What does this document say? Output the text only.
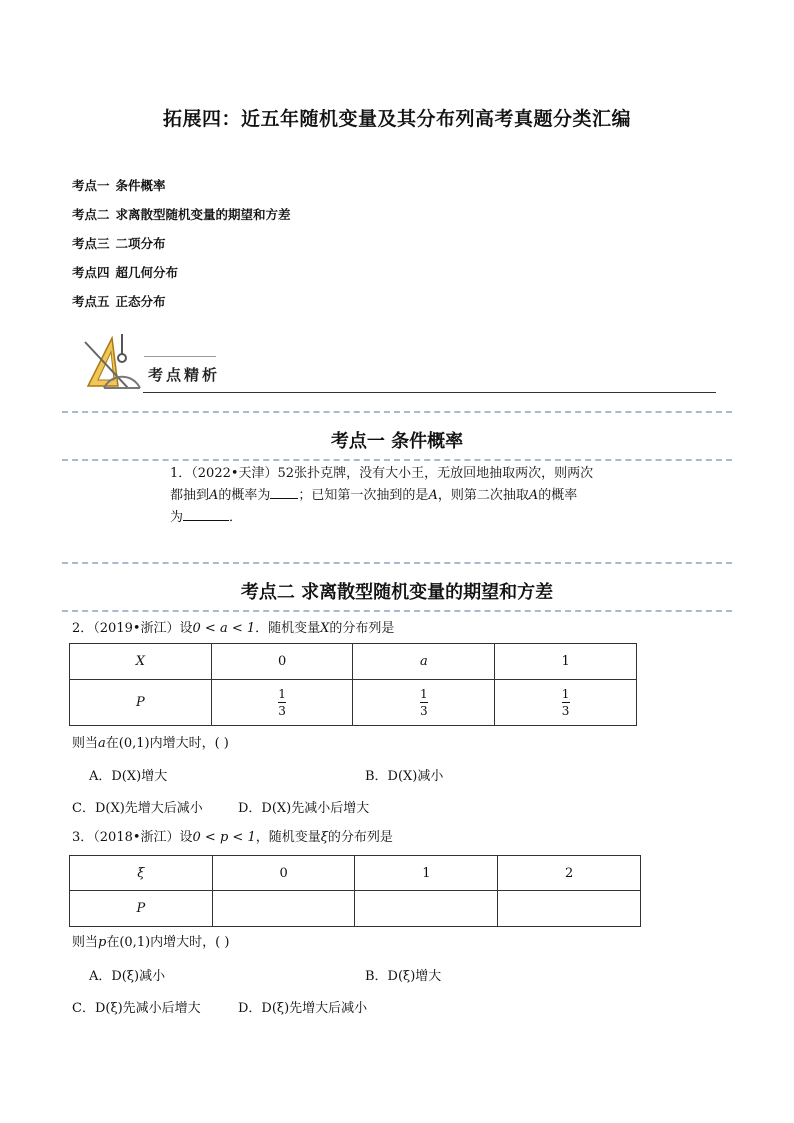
拓展四：近五年随机变量及其分布列高考真题分类汇编
考点一 条件概率
考点二 求离散型随机变量的期望和方差
考点三 二项分布
考点四 超几何分布
考点五 正态分布
考点精析
考点一 条件概率
1．（2022•天津）52张扑克牌，没有大小王，无放回地抽取两次，则两次
都抽到A的概率为 ；已知第一次抽到的是A，则第二次抽取A的概率
为	．
考点二 求离散型随机变量的期望和方差
2．（2019•浙江）设0 < a < 1．随机变量X的分布列是
X	0	a	1
P	$\frac{1}{3}$	$\frac{1}{3}$	$\frac{1}{3}$
则当a在(0,1)内增大时，( )
A．D(X)增大	B．D(X)减小
C．D(X)先增大后减小	D．D(X)先减小后增大
3．（2018•浙江）设0 < p < 1，随机变量ξ的分布列是
ξ	0	1	2
P			
则当p在(0,1)内增大时，( )
A．D(ξ)减小	B．D(ξ)增大
C．D(ξ)先减小后增大	D．D(ξ)先增大后减小
